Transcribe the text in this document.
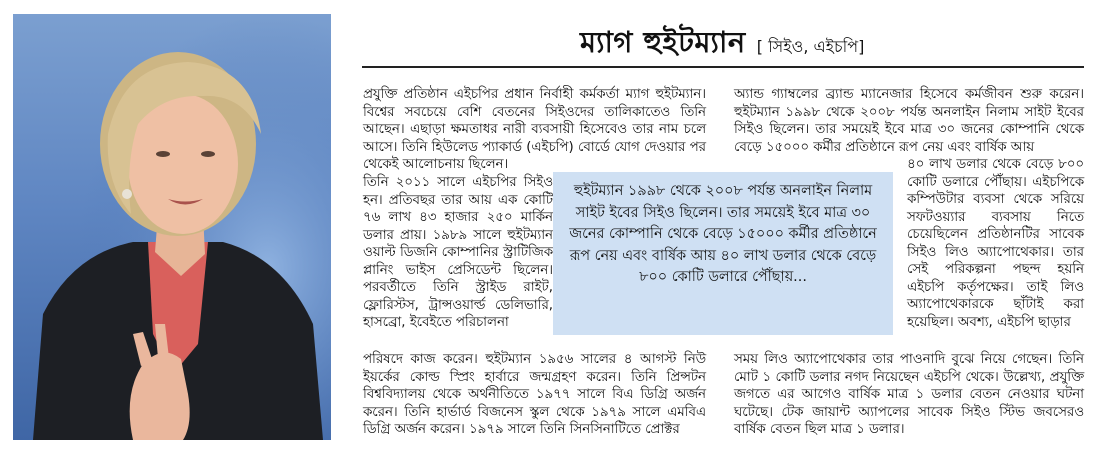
ম্যাগ হুইটম্যান [ সিইও, এইচপি]

প্রযুক্তি প্রতিষ্ঠান এইচপির প্রধান নির্বাহী কর্মকর্তা ম্যাগ হুইটম্যান। বিশ্বের সবচেয়ে বেশি বেতনের সিইওদের তালিকাতেও তিনি আছেন। এছাড়া ক্ষমতাধর নারী ব্যবসায়ী হিসেবেও তার নাম চলে আসে। তিনি হিউলেড প্যাকার্ড (এইচপি) বোর্ডে যোগ দেওয়ার পর থেকেই আলোচনায় ছিলেন।

তিনি ২০১১ সালে এইচপির সিইও হন। প্রতিবছর তার আয় এক কোটি ৭৬ লাখ ৪৩ হাজার ২৫০ মার্কিন ডলার প্রায়। ১৯৮৯ সালে হুইটম্যান ওয়াল্ট ডিজনি কোম্পানির স্ট্রাটিজিক প্লানিং ভাইস প্রেসিডেন্ট ছিলেন। পরবর্তীতে তিনি স্ট্রাইড রাইট, ফ্লোরিস্টস, ট্রান্সওয়ার্ল্ড ডেলিভারি, হাসব্রো, ইবেইতে পরিচালনা

পরিষদে কাজ করেন। হুইটম্যান ১৯৫৬ সালের ৪ আগস্ট নিউ ইয়র্কের কোল্ড স্প্রিং হার্বারে জন্মগ্রহণ করেন। তিনি প্রিন্সটন বিশ্ববিদ্যালয় থেকে অর্থনীতিতে ১৯৭৭ সালে বিএ ডিগ্রি অর্জন করেন। তিনি হার্ভার্ড বিজনেস স্কুল থেকে ১৯৭৯ সালে এমবিএ ডিগ্রি অর্জন করেন। ১৯৭৯ সালে তিনি সিনসিনাটিতে প্রোক্টর

অ্যান্ড গ্যাম্বলের ব্র্যান্ড ম্যানেজার হিসেবে কর্মজীবন শুরু করেন। হুইটম্যান ১৯৯৮ থেকে ২০০৮ পর্যন্ত অনলাইন নিলাম সাইট ইবের সিইও ছিলেন। তার সময়েই ইবে মাত্র ৩০ জনের কোম্পানি থেকে বেড়ে ১৫০০০ কর্মীর প্রতিষ্ঠানে রূপ নেয় এবং বার্ষিক আয়

৪০ লাখ ডলার থেকে বেড়ে ৮০০ কোটি ডলারে পৌঁছায়। এইচপিকে কম্পিউটার ব্যবসা থেকে সরিয়ে সফটওয়্যার ব্যবসায় নিতে চেয়েছিলেন প্রতিষ্ঠানটির সাবেক সিইও লিও অ্যাপোথেকার। তার সেই পরিকল্পনা পছন্দ হয়নি এইচপি কর্তৃপক্ষের। তাই লিও অ্যাপোথেকারকে ছাঁটাই করা হয়েছিল। অবশ্য, এইচপি ছাড়ার

সময় লিও অ্যাপোথেকার তার পাওনাদি বুঝে নিয়ে গেছেন। তিনি মোট ১ কোটি ডলার নগদ নিয়েছেন এইচপি থেকে। উল্লেখ্য, প্রযুক্তি জগতে এর আগেও বার্ষিক মাত্র ১ ডলার বেতন নেওয়ার ঘটনা ঘটেছে। টেক জায়ান্ট অ্যাপলের সাবেক সিইও স্টিভ জবসেরও বার্ষিক বেতন ছিল মাত্র ১ ডলার।

হুইটম্যান ১৯৯৮ থেকে ২০০৮ পর্যন্ত অনলাইন নিলাম সাইট ইবের সিইও ছিলেন। তার সময়েই ইবে মাত্র ৩০ জনের কোম্পানি থেকে বেড়ে ১৫০০০ কর্মীর প্রতিষ্ঠানে রূপ নেয় এবং বার্ষিক আয় ৪০ লাখ ডলার থেকে বেড়ে ৮০০ কোটি ডলারে পৌঁছায়...
